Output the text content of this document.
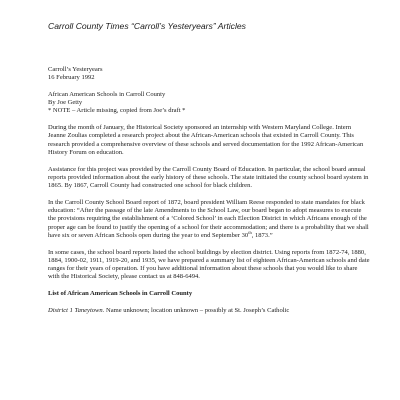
Carroll County Times “Carroll’s Yesteryears” Articles

Carroll’s Yesteryears
16 February 1992

African American Schools in Carroll County
By Joe Getty
* NOTE – Article missing, copied from Joe’s draft *

During the month of January, the Historical Society sponsored an internship with Western Maryland College. Intern Jeanne Zoulias completed a research project about the African-American schools that existed in Carroll County. This research provided a comprehensive overview of these schools and served documentation for the 1992 African-American History Forum on education.

Assistance for this project was provided by the Carroll County Board of Education. In particular, the school board annual reports provided information about the early history of these schools. The state initiated the county school board system in 1865. By 1867, Carroll County had constructed one school for black children.

In the Carroll County School Board report of 1872, board president William Reese responded to state mandates for black education: “After the passage of the late Amendments to the School Law, our board began to adopt measures to execute the provisions requiring the establishment of a ‘Colored School’ in each Election District in which Africans enough of the proper age can be found to justify the opening of a school for their accommodation; and there is a probability that we shall have six or seven African Schools open during the year to end September 30th, 1873.”

In some cases, the school board reports listed the school buildings by election district. Using reports from 1872-74, 1880, 1884, 1900-02, 1911, 1919-20, and 1935, we have prepared a summary list of eighteen African-American schools and date ranges for their years of operation. If you have additional information about these schools that you would like to share with the Historical Society, please contact us at 848-6494.

List of African American Schools in Carroll County

District 1 Taneytown. Name unknown; location unknown – possibly at St. Joseph’s Catholic
